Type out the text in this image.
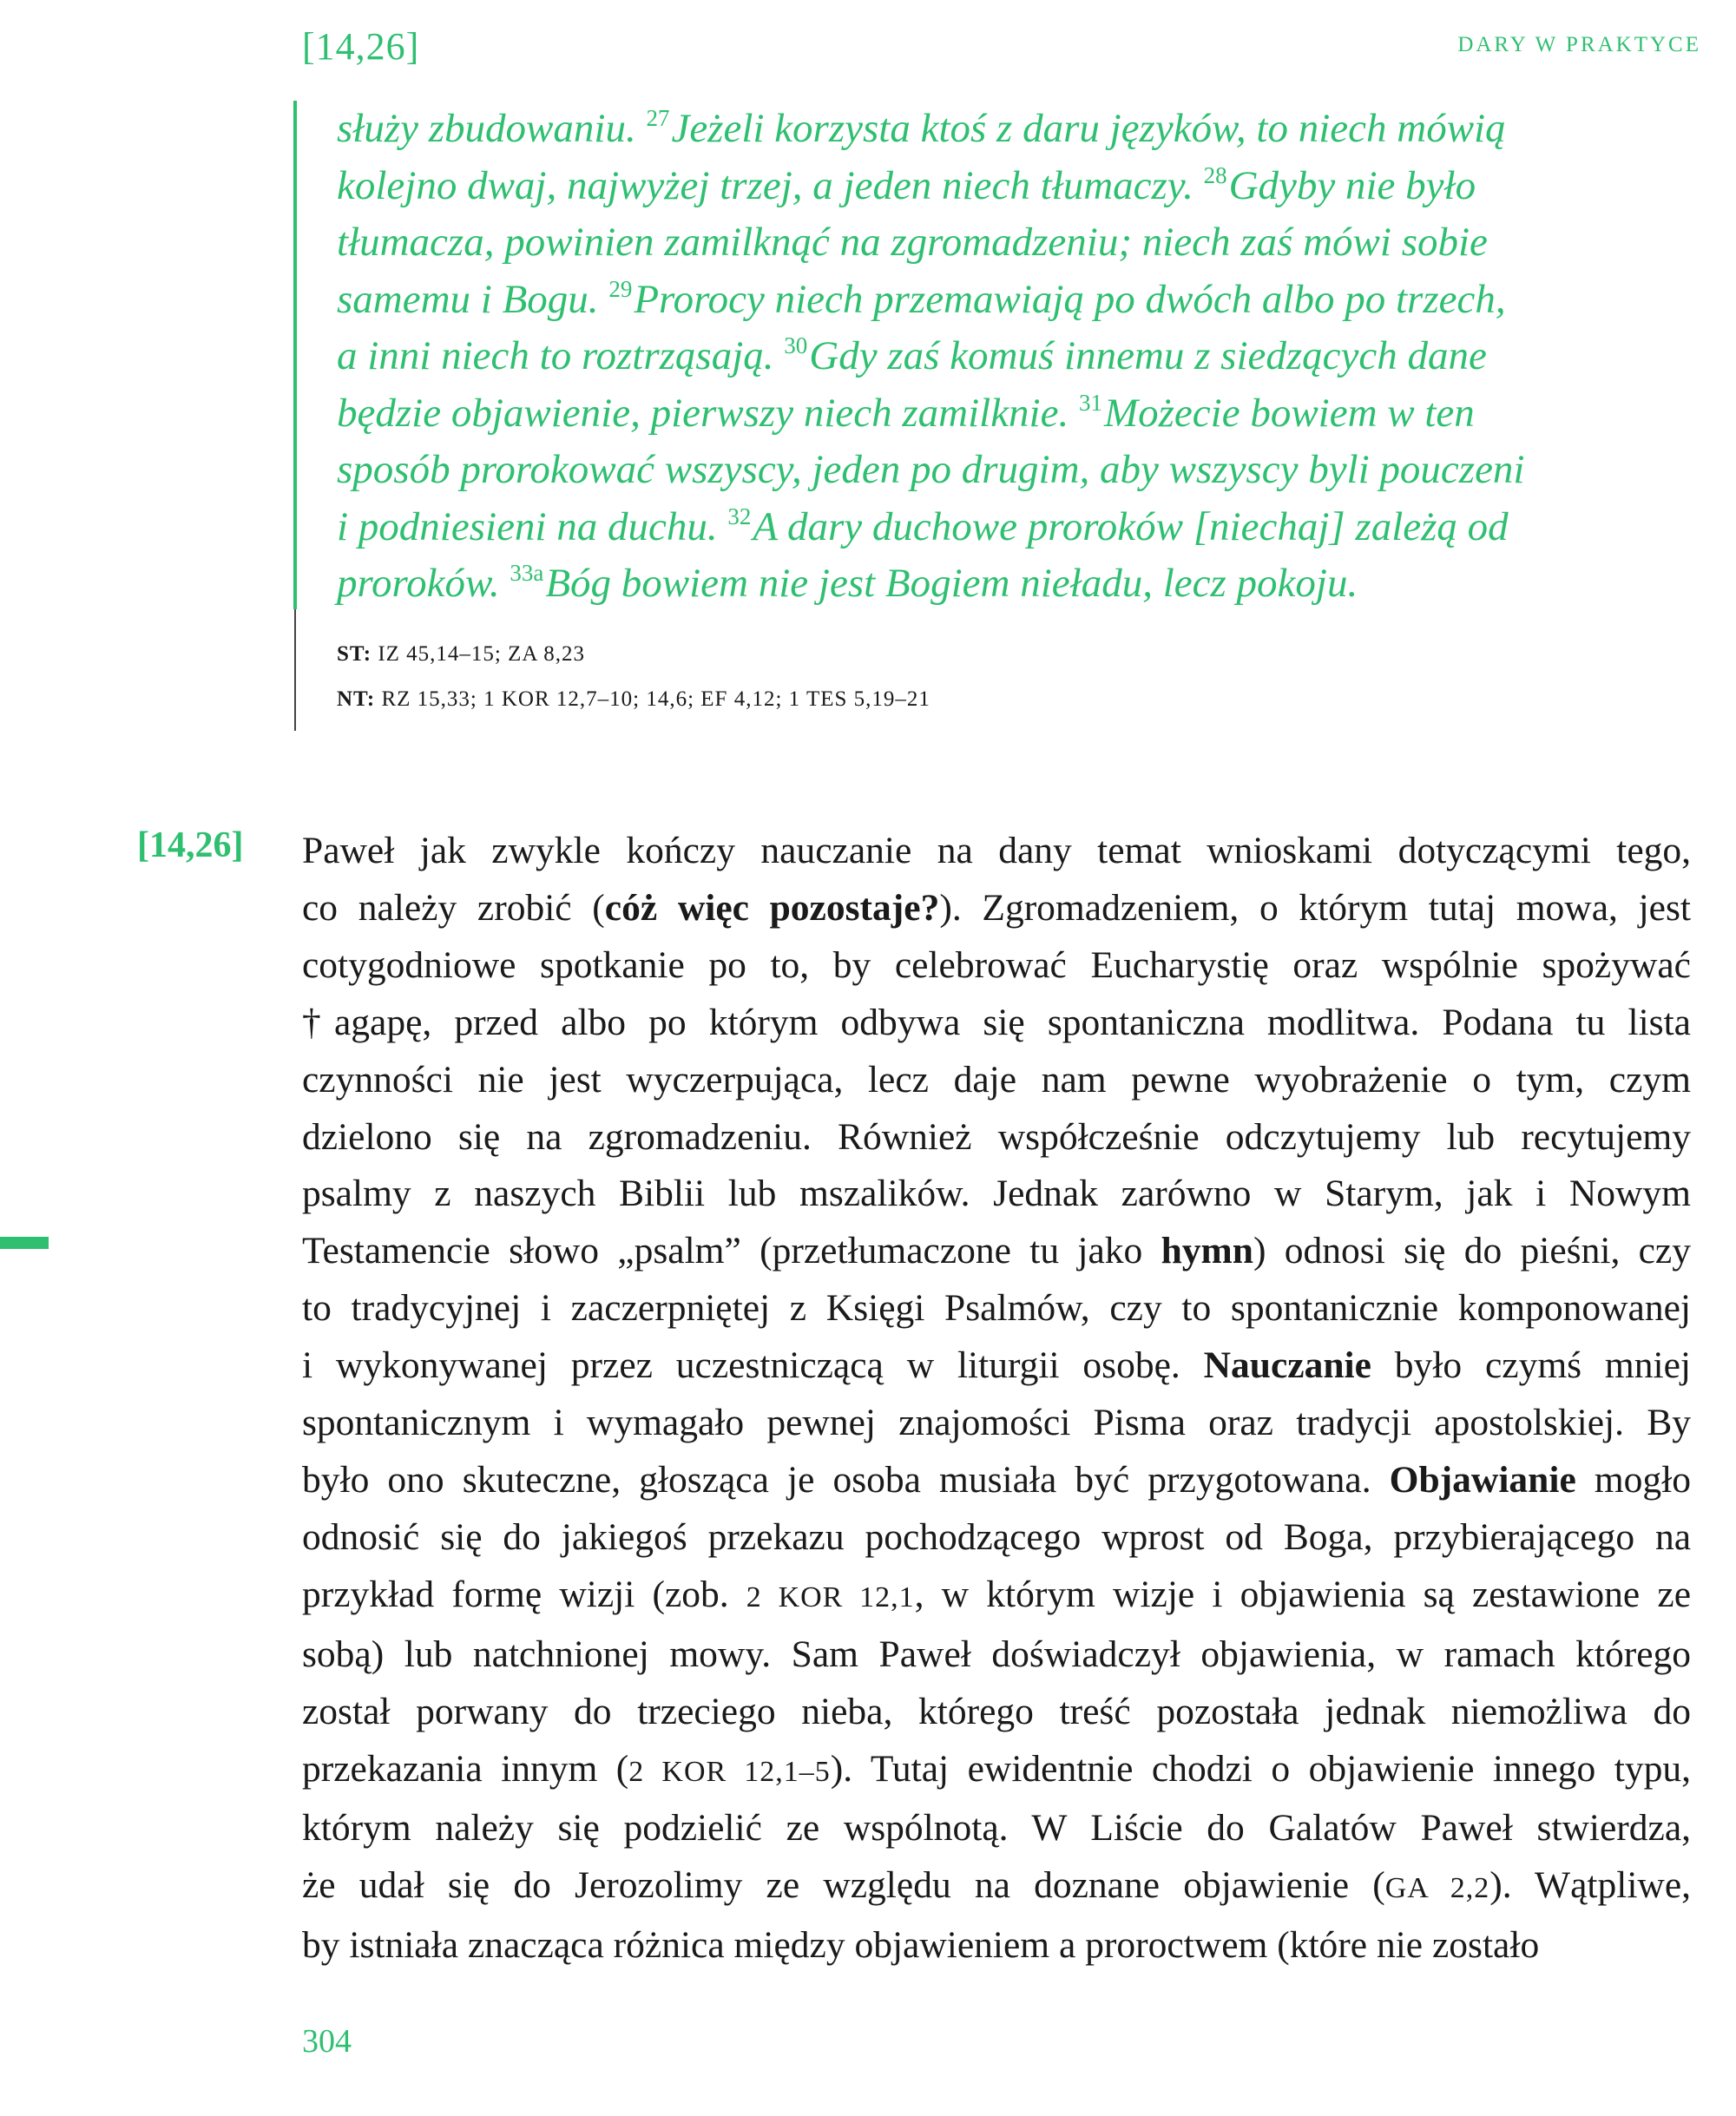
[14,26]	DARY W PRAKTYCE
służy zbudowaniu. $^{27}$Jeżeli korzysta ktoś z daru języków, to niech mówią
kolejno dwaj, najwyżej trzej, a jeden niech tłumaczy. $^{28}$Gdyby nie było
tłumacza, powinien zamilknąć na zgromadzeniu; niech zaś mówi sobie
samemu i Bogu. $^{29}$Prorocy niech przemawiają po dwóch albo po trzech,
a inni niech to roztrząsają. $^{30}$Gdy zaś komuś innemu z siedzących dane
będzie objawienie, pierwszy niech zamilknie. $^{31}$Możecie bowiem w ten
sposób prorokować wszyscy, jeden po drugim, aby wszyscy byli pouczeni
i podniesieni na duchu. $^{32}$A dary duchowe proroków [niechaj] zależą od
proroków. $^{33a}$Bóg bowiem nie jest Bogiem nieładu, lecz pokoju.
ST: IZ 45,14–15; ZA 8,23
NT: RZ 15,33; 1 KOR 12,7–10; 14,6; EF 4,12; 1 TES 5,19–21
[14,26] Paweł jak zwykle kończy nauczanie na dany temat wnioskami dotyczącymi tego,
co należy zrobić (cóż więc pozostaje?). Zgromadzeniem, o którym tutaj mowa, jest
cotygodniowe spotkanie po to, by celebrować Eucharystię oraz wspólnie spożywać
†agapę, przed albo po którym odbywa się spontaniczna modlitwa. Podana tu lista
czynności nie jest wyczerpująca, lecz daje nam pewne wyobrażenie o tym, czym
dzielono się na zgromadzeniu. Również współcześnie odczytujemy lub recytujemy
psalmy z naszych Biblii lub mszalików. Jednak zarówno w Starym, jak i Nowym
Testamencie słowo „psalm” (przetłumaczone tu jako hymn) odnosi się do pieśni, czy
to tradycyjnej i zaczerpniętej z Księgi Psalmów, czy to spontanicznie komponowanej
i wykonywanej przez uczestniczącą w liturgii osobę. Nauczanie było czymś mniej
spontanicznym i wymagało pewnej znajomości Pisma oraz tradycji apostolskiej. By
było ono skuteczne, głosząca je osoba musiała być przygotowana. Objawianie mogło
odnosić się do jakiegoś przekazu pochodzącego wprost od Boga, przybierającego na
przykład formę wizji (zob. 2 KOR 12,1, w którym wizje i objawienia są zestawione ze
sobą) lub natchnionej mowy. Sam Paweł doświadczył objawienia, w ramach którego
został porwany do trzeciego nieba, którego treść pozostała jednak niemożliwa do
przekazania innym (2 KOR 12,1–5). Tutaj ewidentnie chodzi o objawienie innego typu,
którym należy się podzielić ze wspólnotą. W Liście do Galatów Paweł stwierdza,
że udał się do Jerozolimy ze względu na doznane objawienie (GA 2,2). Wątpliwe,
by istniała znacząca różnica między objawieniem a proroctwem (które nie zostało
304
